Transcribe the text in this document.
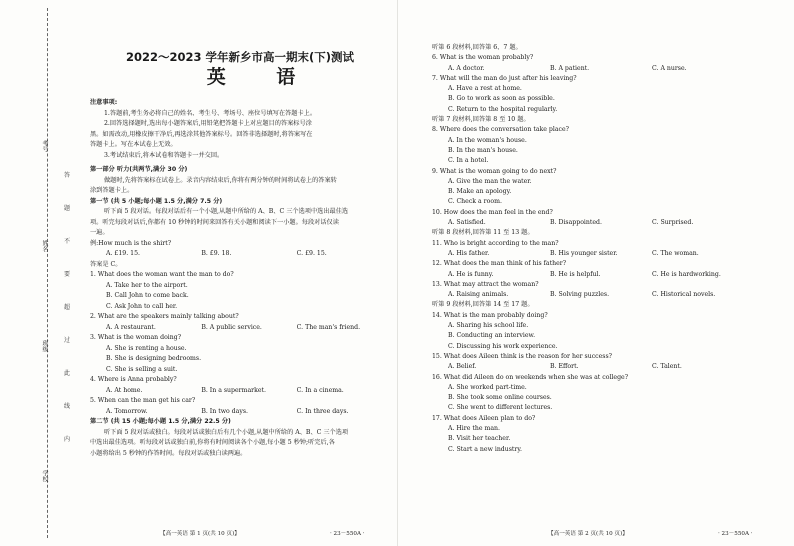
考号
姓名
班级
学校
答
题
不
要
超
过
此
线
内
2022～2023 学年新乡市高一期末(下)测试
英 语
注意事项:
1.答题前,考生务必将自己的姓名、考生号、考场号、座位号填写在答题卡上。
2.回答选择题时,选出每小题答案后,用铅笔把答题卡上对应题目的答案标号涂
黑。如需改动,用橡皮擦干净后,再选涂其他答案标号。回答非选择题时,将答案写在
答题卡上。写在本试卷上无效。
3.考试结束后,将本试卷和答题卡一并交回。
第一部分 听力(共两节,满分 30 分)
做题时,先将答案标在试卷上。录音内容结束后,你将有两分钟的时间将试卷上的答案转
涂到答题卡上。
第一节 (共 5 小题;每小题 1.5 分,满分 7.5 分)
听下面 5 段对话。每段对话后有一个小题,从题中所给的 A、B、C 三个选项中选出最佳选
项。听完每段对话后,你都有 10 秒钟的时间来回答有关小题和阅读下一小题。每段对话仅读
一遍。
例:How much is the shirt?
A. £19. 15.	B. £9. 18.	C. £9. 15.
答案是 C。
1. What does the woman want the man to do?
A. Take her to the airport.
B. Call John to come back.
C. Ask John to call her.
2. What are the speakers mainly talking about?
A. A restaurant.	B. A public service.	C. The man's friend.
3. What is the woman doing?
A. She is renting a house.
B. She is designing bedrooms.
C. She is selling a suit.
4. Where is Anna probably?
A. At home.	B. In a supermarket.	C. In a cinema.
5. When can the man get his car?
A. Tomorrow.	B. In two days.	C. In three days.
第二节 (共 15 小题;每小题 1.5 分,满分 22.5 分)
听下面 5 段对话或独白。每段对话或独白后有几个小题,从题中所给的 A、B、C 三个选项
中选出最佳选项。听每段对话或独白前,你将有时间阅读各个小题,每小题 5 秒钟;听完后,各
小题将给出 5 秒钟的作答时间。每段对话或独白读两遍。
【高一英语 第 1 页(共 10 页)】	· 23－550A ·
听第 6 段材料,回答第 6、7 题。
6. What is the woman probably?
A. A doctor.	B. A patient.	C. A nurse.
7. What will the man do just after his leaving?
A. Have a rest at home.
B. Go to work as soon as possible.
C. Return to the hospital regularly.
听第 7 段材料,回答第 8 至 10 题。
8. Where does the conversation take place?
A. In the woman's house.
B. In the man's house.
C. In a hotel.
9. What is the woman going to do next?
A. Give the man the water.
B. Make an apology.
C. Check a room.
10. How does the man feel in the end?
A. Satisfied.	B. Disappointed.	C. Surprised.
听第 8 段材料,回答第 11 至 13 题。
11. Who is bright according to the man?
A. His father.	B. His younger sister.	C. The woman.
12. What does the man think of his father?
A. He is funny.	B. He is helpful.	C. He is hardworking.
13. What may attract the woman?
A. Raising animals.	B. Solving puzzles.	C. Historical novels.
听第 9 段材料,回答第 14 至 17 题。
14. What is the man probably doing?
A. Sharing his school life.
B. Conducting an interview.
C. Discussing his work experience.
15. What does Aileen think is the reason for her success?
A. Belief.	B. Effort.	C. Talent.
16. What did Aileen do on weekends when she was at college?
A. She worked part-time.
B. She took some online courses.
C. She went to different lectures.
17. What does Aileen plan to do?
A. Hire the man.
B. Visit her teacher.
C. Start a new industry.
【高一英语 第 2 页(共 10 页)】	· 23－550A ·
